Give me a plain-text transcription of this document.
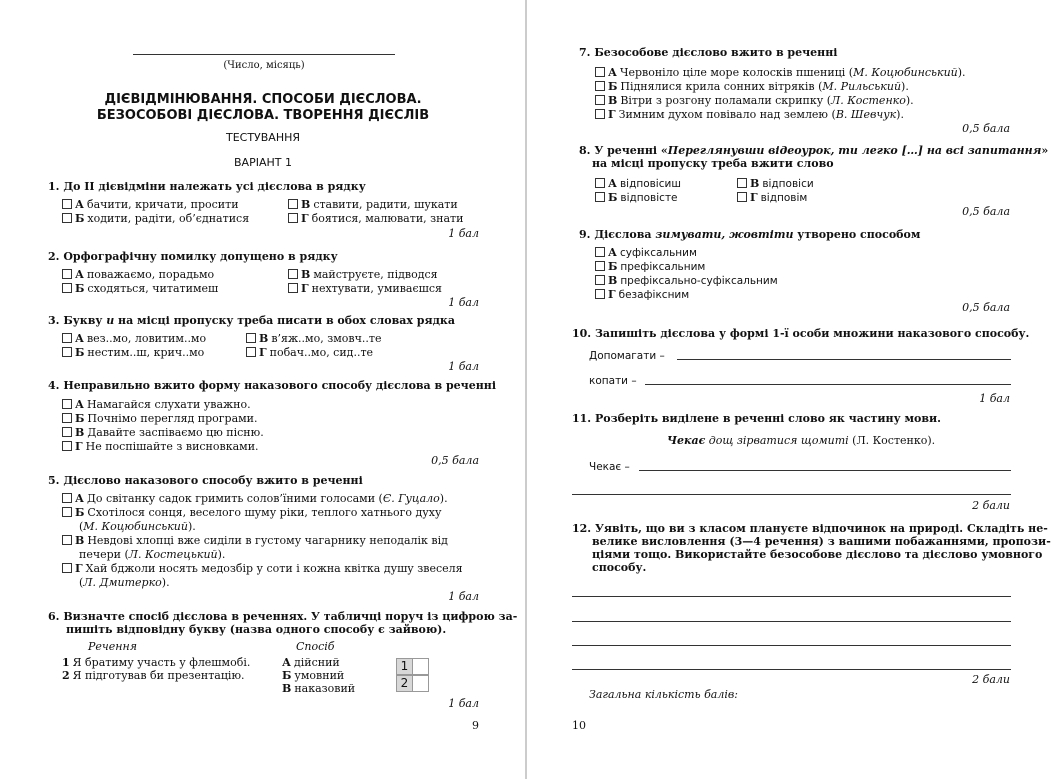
(Число, місяць)
ДІЄВІДМІНЮВАННЯ. СПОСОБИ ДІЄСЛОВА.
БЕЗОСОБОВІ ДІЄСЛОВА. ТВОРЕННЯ ДІЄСЛІВ
ТЕСТУВАННЯ
ВАРІАНТ 1
1. До ІІ дієвідміни належать усі дієслова в рядку
А бачити, кричати, просити
Б ходити, радіти, об’єднатися
В ставити, радити, шукати
Г боятися, малювати, знати
1 бал
2. Орфографічну помилку допущено в рядку
А поважаємо, порадьмо
Б сходяться, читатимеш
В майструєте, підводся
Г нехтувати, умиваєшся
1 бал
3. Букву и на місці пропуску треба писати в обох словах рядка
А вез..мо, ловитим..мо
Б нестим..ш, крич..мо
В в’яж..мо, змовч..те
Г побач..мо, сид..те
1 бал
4. Неправильно вжито форму наказового способу дієслова в реченні
А Намагайся слухати уважно.
Б Почнімо перегляд програми.
В Давайте заспіваємо цю пісню.
Г Не поспішайте з висновками.
0,5 бала
5. Дієслово наказового способу вжито в реченні
А До світанку садок гримить солов’їними голосами (Є. Гуцало).
Б Схотілося сонця, веселого шуму ріки, теплого хатнього духу
(М. Коцюбинський).
В Невдові хлопці вже сиділи в густому чагарнику неподалік від
печери (Л. Костецький).
Г Хай бджоли носять медозбір у соти і кожна квітка душу звеселя
(Л. Дмитерко).
1 бал
6. Визначте спосіб дієслова в реченнях. У табличці поруч із цифрою за-
пишіть відповідну букву (назва одного способу є зайвою).
Речення	Спосіб
1 Я братиму участь у флешмобі.
2 Я підготував би презентацію.
А дійсний
Б умовний
В наказовий
1
2
1 бал
9
7. Безособове дієслово вжито в реченні
А Червоніло ціле море колосків пшениці (М. Коцюбинський).
Б Піднялися крила сонних вітряків (М. Рильський).
В Вітри з розгону поламали скрипку (Л. Костенко).
Г Зимним духом повівало над землею (В. Шевчук).
0,5 бала
8. У реченні «Переглянувши відеоурок, ти легко […] на всі запитання»
на місці пропуску треба вжити слово
А відповісиш
Б відповісте
В відповіси
Г відповім
0,5 бала
9. Дієслова зимувати, жовтіти утворено способом
А суфіксальним
Б префіксальним
В префіксально-суфіксальним
Г безафіксним
0,5 бала
10. Запишіть дієслова у формі 1-ї особи множини наказового способу.
Допомагати –
копати –
1 бал
11. Розберіть виділене в реченні слово як частину мови.
Чекає дощ зірватися щомиті (Л. Костенко).
Чекає –
2 бали
12. Уявіть, що ви з класом плануєте відпочинок на природі. Складіть не-
велике висловлення (3—4 речення) з вашими побажаннями, пропози-
ціями тощо. Використайте безособове дієслово та дієслово умовного
способу.
2 бали
Загальна кількість балів:
10
